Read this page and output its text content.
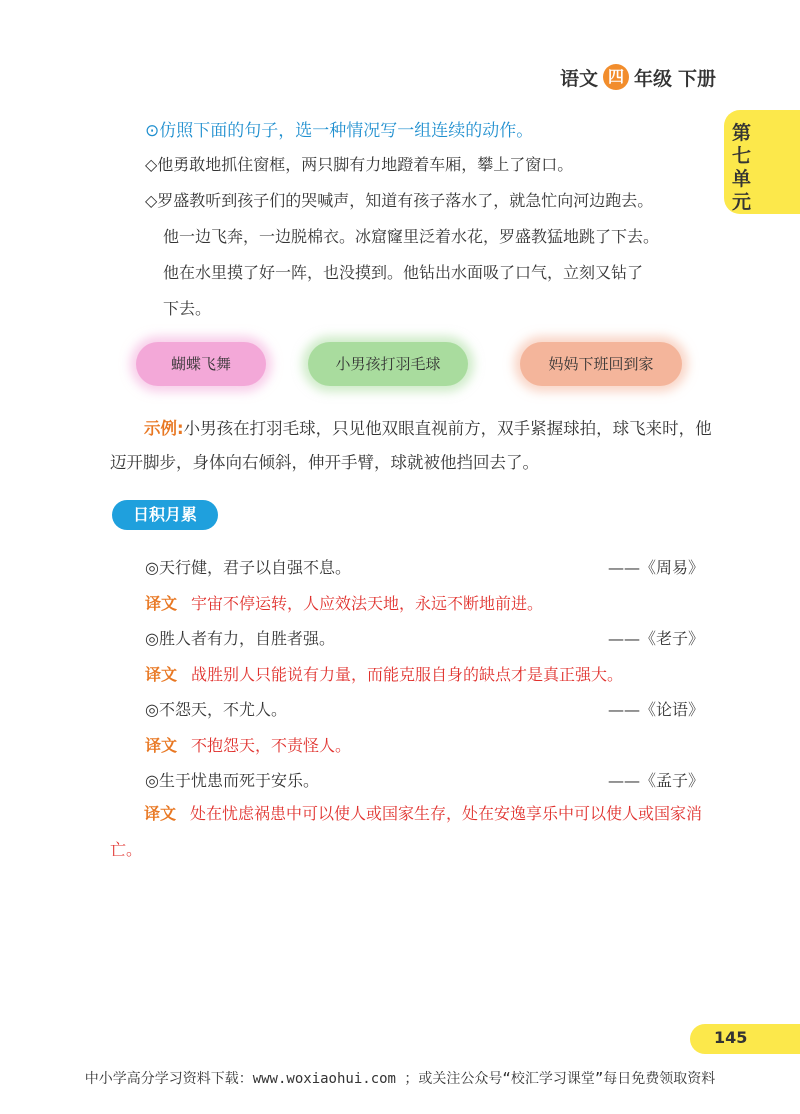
语文 四 年级 下册
第七单元
⊙仿照下面的句子，选一种情况写一组连续的动作。
◇他勇敢地抓住窗框，两只脚有力地蹬着车厢，攀上了窗口。
◇罗盛教听到孩子们的哭喊声，知道有孩子落水了，就急忙向河边跑去。
他一边飞奔，一边脱棉衣。冰窟窿里泛着水花，罗盛教猛地跳了下去。
他在水里摸了好一阵，也没摸到。他钻出水面吸了口气，立刻又钻了
下去。
蝴蝶飞舞	小男孩打羽毛球	妈妈下班回到家
示例:小男孩在打羽毛球，只见他双眼直视前方，双手紧握球拍，球飞来时，他迈开脚步，身体向右倾斜，伸开手臂，球就被他挡回去了。
日积月累
◎天行健，君子以自强不息。	——《周易》
译文 宇宙不停运转，人应效法天地，永远不断地前进。
◎胜人者有力，自胜者强。	——《老子》
译文 战胜别人只能说有力量，而能克服自身的缺点才是真正强大。
◎不怨天，不尤人。	——《论语》
译文 不抱怨天，不责怪人。
◎生于忧患而死于安乐。	——《孟子》
译文 处在忧虑祸患中可以使人或国家生存，处在安逸享乐中可以使人或国家消亡。
145
中小学高分学习资料下载：www.woxiaohui.com ；或关注公众号“校汇学习课堂”每日免费领取资料
